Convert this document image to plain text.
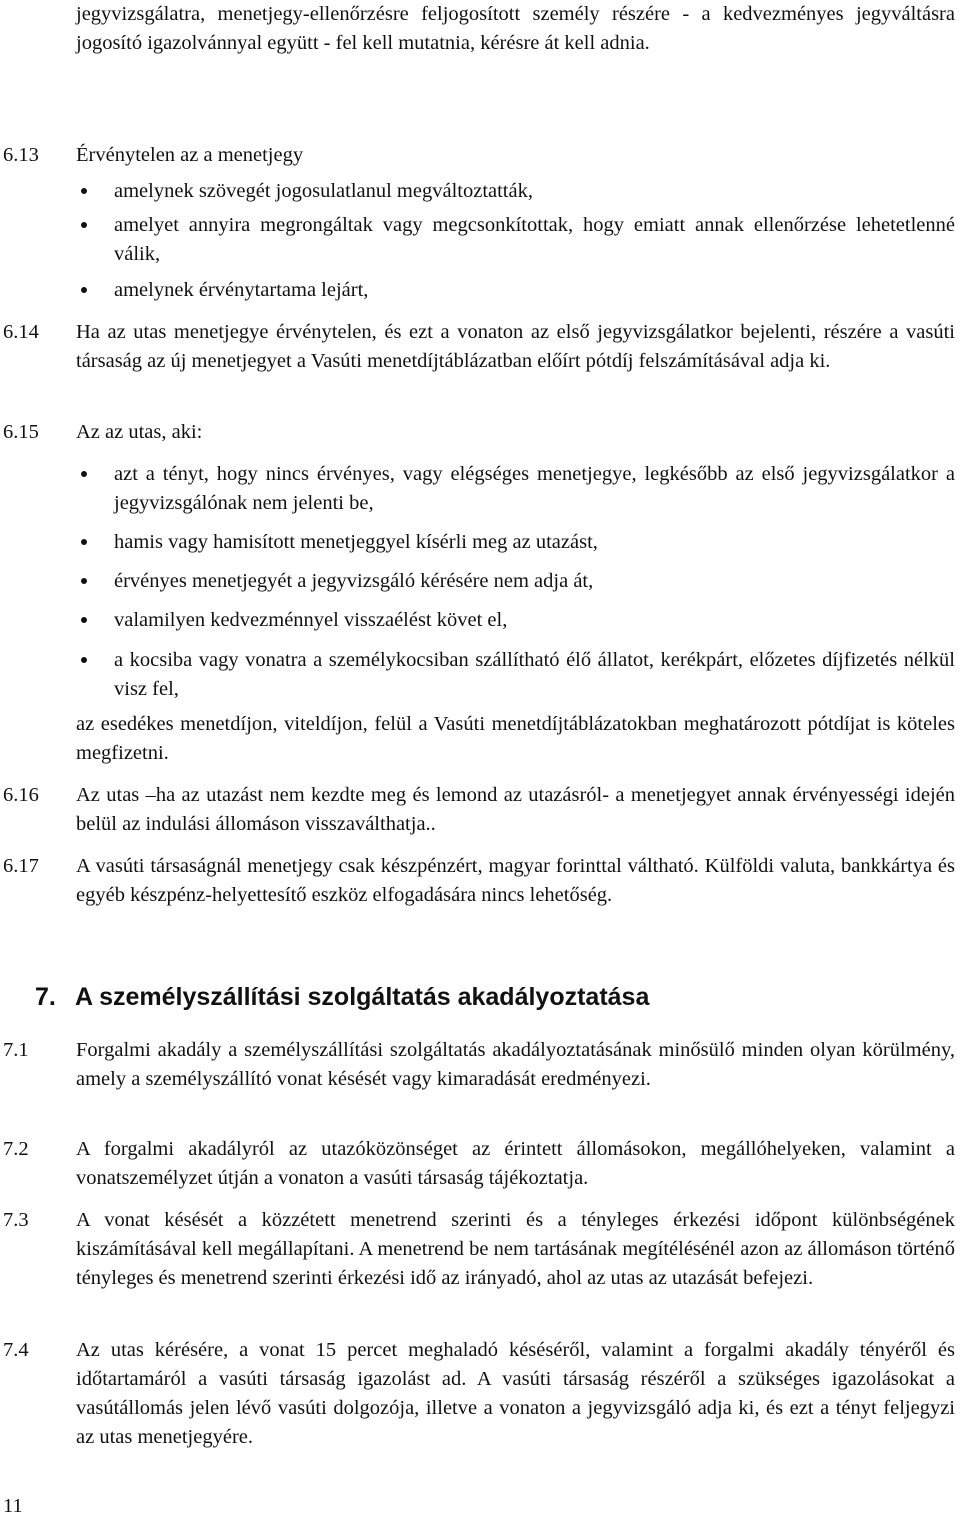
jegyvizsgálatra, menetjegy-ellenőrzésre feljogosított személy részére - a kedvezményes jegyváltásra jogosító igazolvánnyal együtt - fel kell mutatnia, kérésre át kell adnia.
6.13	Érvénytelen az a menetjegy
amelynek szövegét jogosulatlanul megváltoztatták,
amelyet annyira megrongáltak vagy megcsonkítottak, hogy emiatt annak ellenőrzése lehetetlenné válik,
amelynek érvénytartama lejárt,
6.14	Ha az utas menetjegye érvénytelen, és ezt a vonaton az első jegyvizsgálatkor bejelenti, részére a vasúti társaság az új menetjegyet a Vasúti menetdíjtáblázatban előírt pótdíj felszámításával adja ki.
6.15	Az az utas, aki:
azt a tényt, hogy nincs érvényes, vagy elégséges menetjegye, legkésőbb az első jegyvizsgálatkor a jegyvizsgálónak nem jelenti be,
hamis vagy hamisított menetjeggyel kísérli meg az utazást,
érvényes menetjegyét a jegyvizsgáló kérésére nem adja át,
valamilyen kedvezménnyel visszaélést követ el,
a kocsiba vagy vonatra a személykocsiban szállítható élő állatot, kerékpárt, előzetes díjfizetés nélkül visz fel,
az esedékes menetdíjon, viteldíjon, felül a Vasúti menetdíjtáblázatokban meghatározott pótdíjat is köteles megfizetni.
6.16	Az utas –ha az utazást nem kezdte meg és lemond az utazásról- a menetjegyet annak érvényességi idején belül az indulási állomáson visszaválthatja..
6.17	A vasúti társaságnál menetjegy csak készpénzért, magyar forinttal váltható. Külföldi valuta, bankkártya és egyéb készpénz-helyettesítő eszköz elfogadására nincs lehetőség.
7. A személyszállítási szolgáltatás akadályoztatása
7.1	Forgalmi akadály a személyszállítási szolgáltatás akadályoztatásának minősülő minden olyan körülmény, amely a személyszállító vonat késését vagy kimaradását eredményezi.
7.2	A forgalmi akadályról az utazóközönséget az érintett állomásokon, megállóhelyeken, valamint a vonatszemélyzet útján a vonaton a vasúti társaság tájékoztatja.
7.3	A vonat késését a közzétett menetrend szerinti és a tényleges érkezési időpont különbségének kiszámításával kell megállapítani. A menetrend be nem tartásának megítélésénél azon az állomáson történő tényleges és menetrend szerinti érkezési idő az irányadó, ahol az utas az utazását befejezi.
7.4	Az utas kérésére, a vonat 15 percet meghaladó késéséről, valamint a forgalmi akadály tényéről és időtartamáról a vasúti társaság igazolást ad. A vasúti társaság részéről a szükséges igazolásokat a vasútállomás jelen lévő vasúti dolgozója, illetve a vonaton a jegyvizsgáló adja ki, és ezt a tényt feljegyzi az utas menetjegyére.
11
